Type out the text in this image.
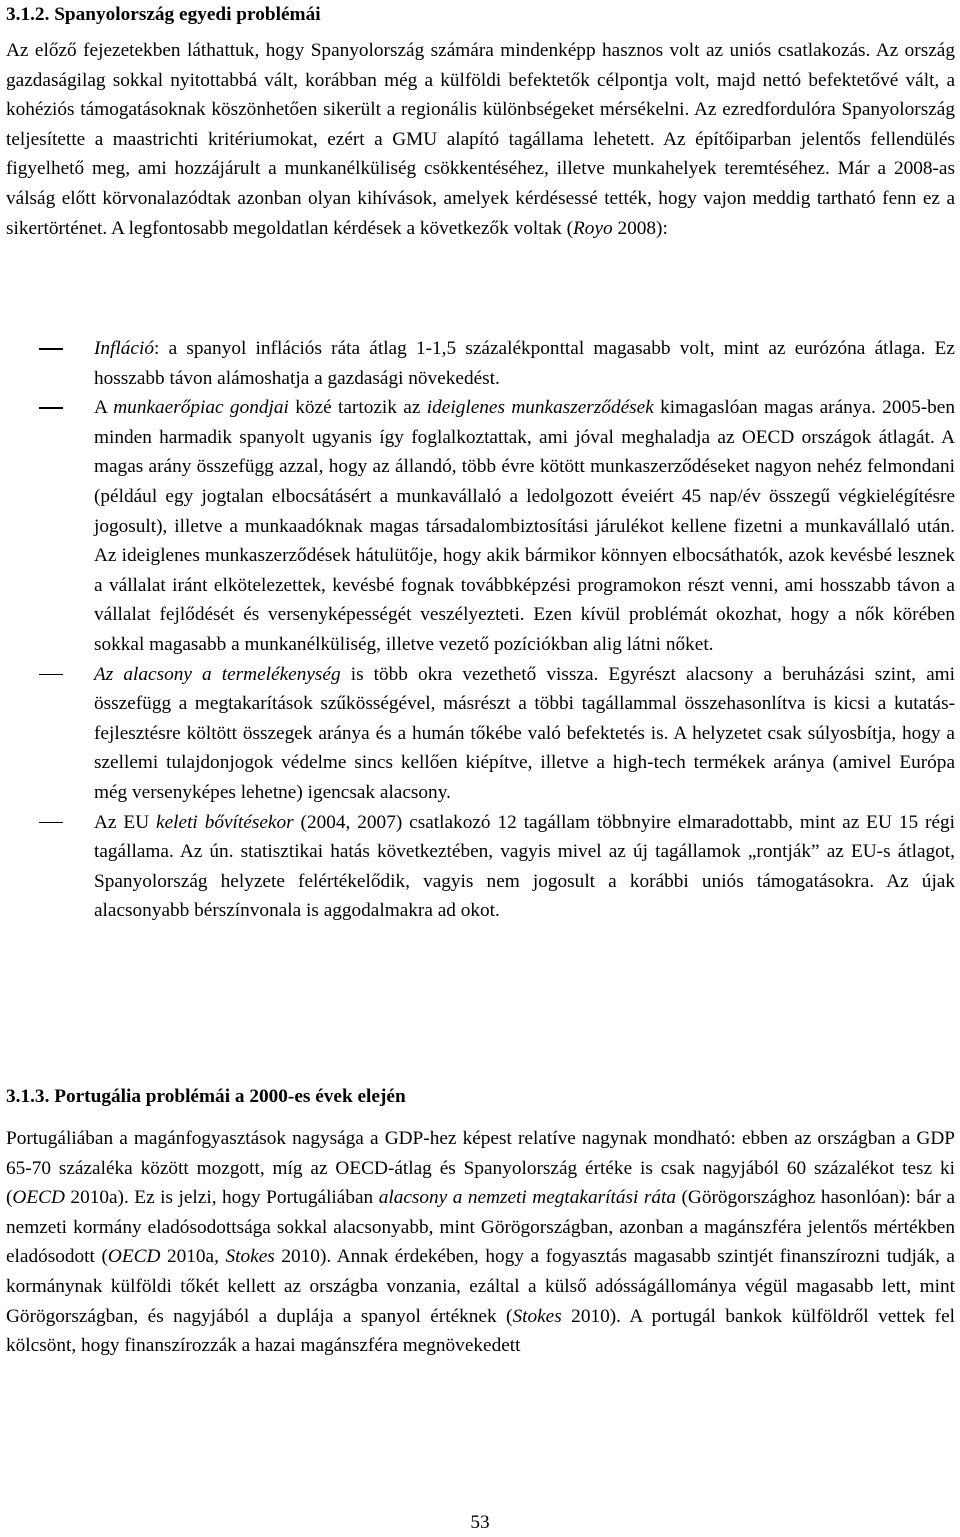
3.1.2. Spanyolország egyedi problémái

Az előző fejezetekben láthattuk, hogy Spanyolország számára mindenképp hasznos volt az uniós csatlakozás. Az ország gazdaságilag sokkal nyitottabbá vált, korábban még a külföldi befektetők célpontja volt, majd nettó befektetővé vált, a kohéziós támogatásoknak köszönhetően sikerült a regionális különbségeket mérsékelni. Az ezredfordulóra Spanyolország teljesítette a maastrichti kritériumokat, ezért a GMU alapító tagállama lehetett. Az építőiparban jelentős fellendülés figyelhető meg, ami hozzájárult a munkanélküliség csökkentéséhez, illetve munkahelyek teremtéséhez. Már a 2008-as válság előtt körvonalazódtak azonban olyan kihívások, amelyek kérdésessé tették, hogy vajon meddig tartható fenn ez a sikertörténet. A legfontosabb megoldatlan kérdések a következők voltak (Royo 2008):

Infláció: a spanyol inflációs ráta átlag 1-1,5 százalékponttal magasabb volt, mint az eurózóna átlaga. Ez hosszabb távon alámoshatja a gazdasági növekedést.
A munkaerőpiac gondjai közé tartozik az ideiglenes munkaszerződések kimagaslóan magas aránya. 2005-ben minden harmadik spanyolt ugyanis így foglalkoztattak, ami jóval meghaladja az OECD országok átlagát. A magas arány összefügg azzal, hogy az állandó, több évre kötött munkaszerződéseket nagyon nehéz felmondani (például egy jogtalan elbocsátásért a munkavállaló a ledolgozott éveiért 45 nap/év összegű végkielégítésre jogosult), illetve a munkaadóknak magas társadalombiztosítási járulékot kellene fizetni a munkavállaló után. Az ideiglenes munkaszerződések hátulütője, hogy akik bármikor könnyen elbocsáthatók, azok kevésbé lesznek a vállalat iránt elkötelezettek, kevésbé fognak továbbképzési programokon részt venni, ami hosszabb távon a vállalat fejlődését és versenyképességét veszélyezteti. Ezen kívül problémát okozhat, hogy a nők körében sokkal magasabb a munkanélküliség, illetve vezető pozíciókban alig látni nőket.
Az alacsony a termelékenység is több okra vezethető vissza. Egyrészt alacsony a beruházási szint, ami összefügg a megtakarítások szűkösségével, másrészt a többi tagállammal összehasonlítva is kicsi a kutatás-fejlesztésre költött összegek aránya és a humán tőkébe való befektetés is. A helyzetet csak súlyosbítja, hogy a szellemi tulajdonjogok védelme sincs kellően kiépítve, illetve a high-tech termékek aránya (amivel Európa még versenyképes lehetne) igencsak alacsony.
Az EU keleti bővítésekor (2004, 2007) csatlakozó 12 tagállam többnyire elmaradottabb, mint az EU 15 régi tagállama. Az ún. statisztikai hatás következtében, vagyis mivel az új tagállamok „rontják” az EU-s átlagot, Spanyolország helyzete felértékelődik, vagyis nem jogosult a korábbi uniós támogatásokra. Az újak alacsonyabb bérszínvonala is aggodalmakra ad okot.
3.1.3. Portugália problémái a 2000-es évek elején

Portugáliában a magánfogyasztások nagysága a GDP-hez képest relatíve nagynak mondható: ebben az országban a GDP 65-70 százaléka között mozgott, míg az OECD-átlag és Spanyolország értéke is csak nagyjából 60 százalékot tesz ki (OECD 2010a). Ez is jelzi, hogy Portugáliában alacsony a nemzeti megtakarítási ráta (Görögországhoz hasonlóan): bár a nemzeti kormány eladósodottsága sokkal alacsonyabb, mint Görögországban, azonban a magánszféra jelentős mértékben eladósodott (OECD 2010a, Stokes 2010). Annak érdekében, hogy a fogyasztás magasabb szintjét finanszírozni tudják, a kormánynak külföldi tőkét kellett az országba vonzania, ezáltal a külső adósságállománya végül magasabb lett, mint Görögországban, és nagyjából a duplája a spanyol értéknek (Stokes 2010). A portugál bankok külföldről vettek fel kölcsönt, hogy finanszírozzák a hazai magánszféra megnövekedett

53
